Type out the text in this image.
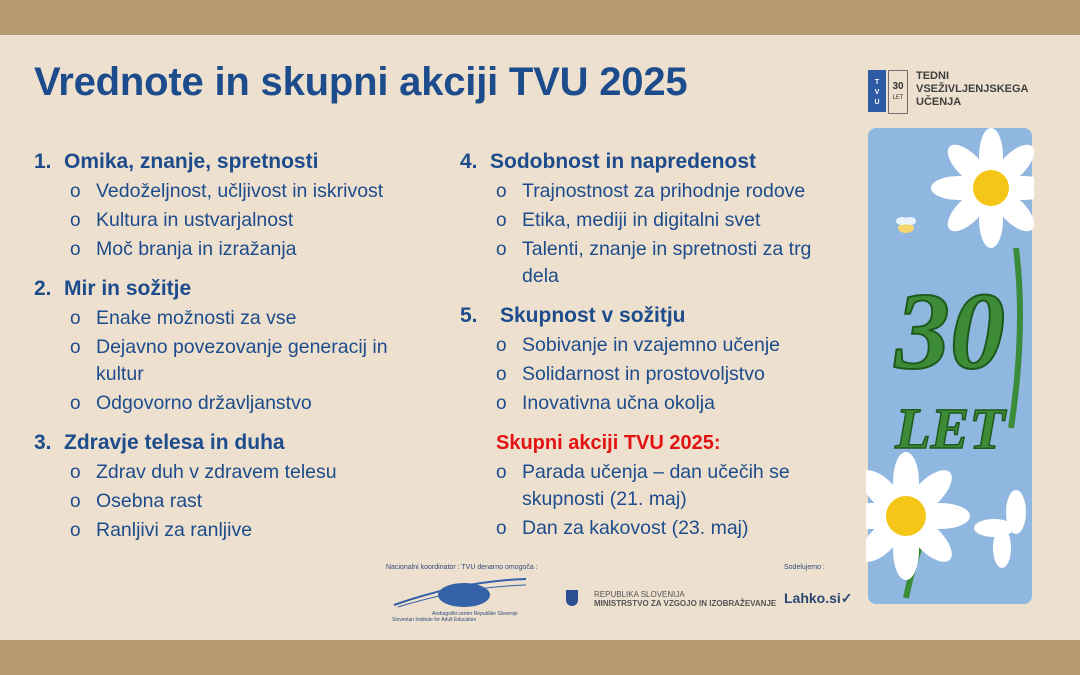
Vrednote in skupni akciji TVU 2025
1. Omika, znanje, spretnosti
o Vedoželjnost, učljivost in iskrivost
o Kultura in ustvarjalnost
o Moč branja in izražanja
2. Mir in sožitje
o Enake možnosti za vse
o Dejavno povezovanje generacij in kultur
o Odgovorno državljanstvo
3. Zdravje telesa in duha
o Zdrav duh v zdravem telesu
o Osebna rast
o Ranljivi za ranljive
4. Sodobnost in napredenost
o Trajnostnost za prihodnje rodove
o Etika, mediji in digitalni svet
o Talenti, znanje in spretnosti za trg dela
5.	Skupnost v sožitju
o Sobivanje in vzajemno učenje
o Solidarnost in prostovoljstvo
o Inovativna učna okolja
Skupni akciji TVU 2025:
o Parada učenja – dan učečih se skupnosti (21. maj)
o Dan za kakovost (23. maj)
T
V
U
30
LET
TEDNI
VSEŽIVLJENJSKEGA
UČENJA
30
LET
Nacionalni koordinator : TVU denarno omogoča :	Sodelujemo :
Andragoški center Republike Slovenije
Slovenian Institute for Adult Education
REPUBLIKA SLOVENIJA
MINISTRSTVO ZA VZGOJO IN IZOBRAŽEVANJE Lahko.si✓
